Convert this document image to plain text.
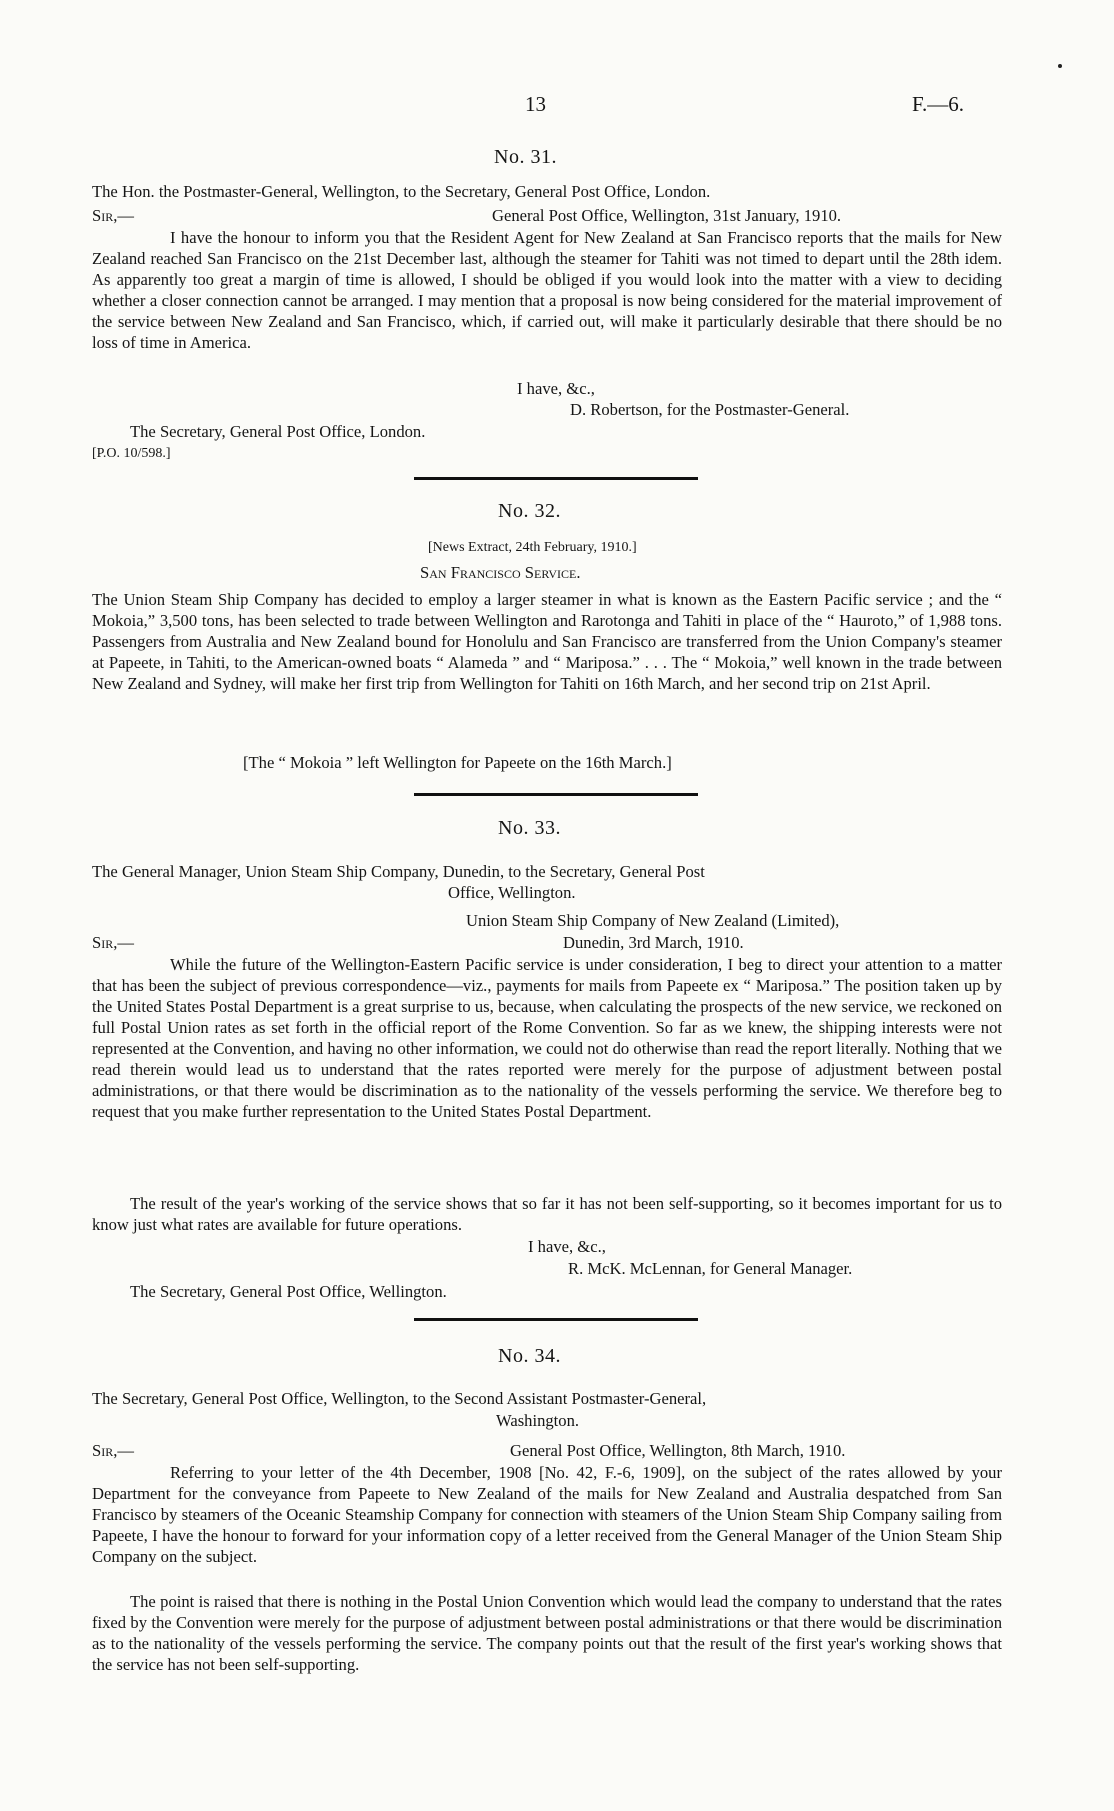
13	F.—6.
No. 31.
The Hon. the Postmaster-General, Wellington, to the Secretary, General Post Office, London.
Sir,—	General Post Office, Wellington, 31st January, 1910.
I have the honour to inform you that the Resident Agent for New Zealand at San Francisco reports that the mails for New Zealand reached San Francisco on the 21st December last, although the steamer for Tahiti was not timed to depart until the 28th idem. As apparently too great a margin of time is allowed, I should be obliged if you would look into the matter with a view to deciding whether a closer connection cannot be arranged. I may mention that a proposal is now being considered for the material improvement of the service between New Zealand and San Francisco, which, if carried out, will make it particularly desirable that there should be no loss of time in America.
I have, &c.,
D. Robertson, for the Postmaster-General.
The Secretary, General Post Office, London.
[P.O. 10/598.]
No. 32.
[News Extract, 24th February, 1910.]
San Francisco Service.
The Union Steam Ship Company has decided to employ a larger steamer in what is known as the Eastern Pacific service ; and the “ Mokoia,” 3,500 tons, has been selected to trade between Wellington and Rarotonga and Tahiti in place of the “ Hauroto,” of 1,988 tons. Passengers from Australia and New Zealand bound for Honolulu and San Francisco are transferred from the Union Company's steamer at Papeete, in Tahiti, to the American-owned boats “ Alameda ” and “ Mariposa.” . . . The “ Mokoia,” well known in the trade between New Zealand and Sydney, will make her first trip from Wellington for Tahiti on 16th March, and her second trip on 21st April.
[The “ Mokoia ” left Wellington for Papeete on the 16th March.]
No. 33.
The General Manager, Union Steam Ship Company, Dunedin, to the Secretary, General Post
Office, Wellington.
Union Steam Ship Company of New Zealand (Limited),
Sir,—	Dunedin, 3rd March, 1910.
While the future of the Wellington-Eastern Pacific service is under consideration, I beg to direct your attention to a matter that has been the subject of previous correspondence—viz., payments for mails from Papeete ex “ Mariposa.” The position taken up by the United States Postal Department is a great surprise to us, because, when calculating the prospects of the new service, we reckoned on full Postal Union rates as set forth in the official report of the Rome Convention. So far as we knew, the shipping interests were not represented at the Convention, and having no other information, we could not do otherwise than read the report literally. Nothing that we read therein would lead us to understand that the rates reported were merely for the purpose of adjustment between postal administrations, or that there would be discrimination as to the nationality of the vessels performing the service. We therefore beg to request that you make further representation to the United States Postal Department.
The result of the year's working of the service shows that so far it has not been self-supporting, so it becomes important for us to know just what rates are available for future operations.
I have, &c.,
R. McK. McLennan, for General Manager.
The Secretary, General Post Office, Wellington.
No. 34.
The Secretary, General Post Office, Wellington, to the Second Assistant Postmaster-General,
Washington.
Sir,—	General Post Office, Wellington, 8th March, 1910.
Referring to your letter of the 4th December, 1908 [No. 42, F.-6, 1909], on the subject of the rates allowed by your Department for the conveyance from Papeete to New Zealand of the mails for New Zealand and Australia despatched from San Francisco by steamers of the Oceanic Steamship Company for connection with steamers of the Union Steam Ship Company sailing from Papeete, I have the honour to forward for your information copy of a letter received from the General Manager of the Union Steam Ship Company on the subject.
The point is raised that there is nothing in the Postal Union Convention which would lead the company to understand that the rates fixed by the Convention were merely for the purpose of adjustment between postal administrations or that there would be discrimination as to the nationality of the vessels performing the service. The company points out that the result of the first year's working shows that the service has not been self-supporting.
